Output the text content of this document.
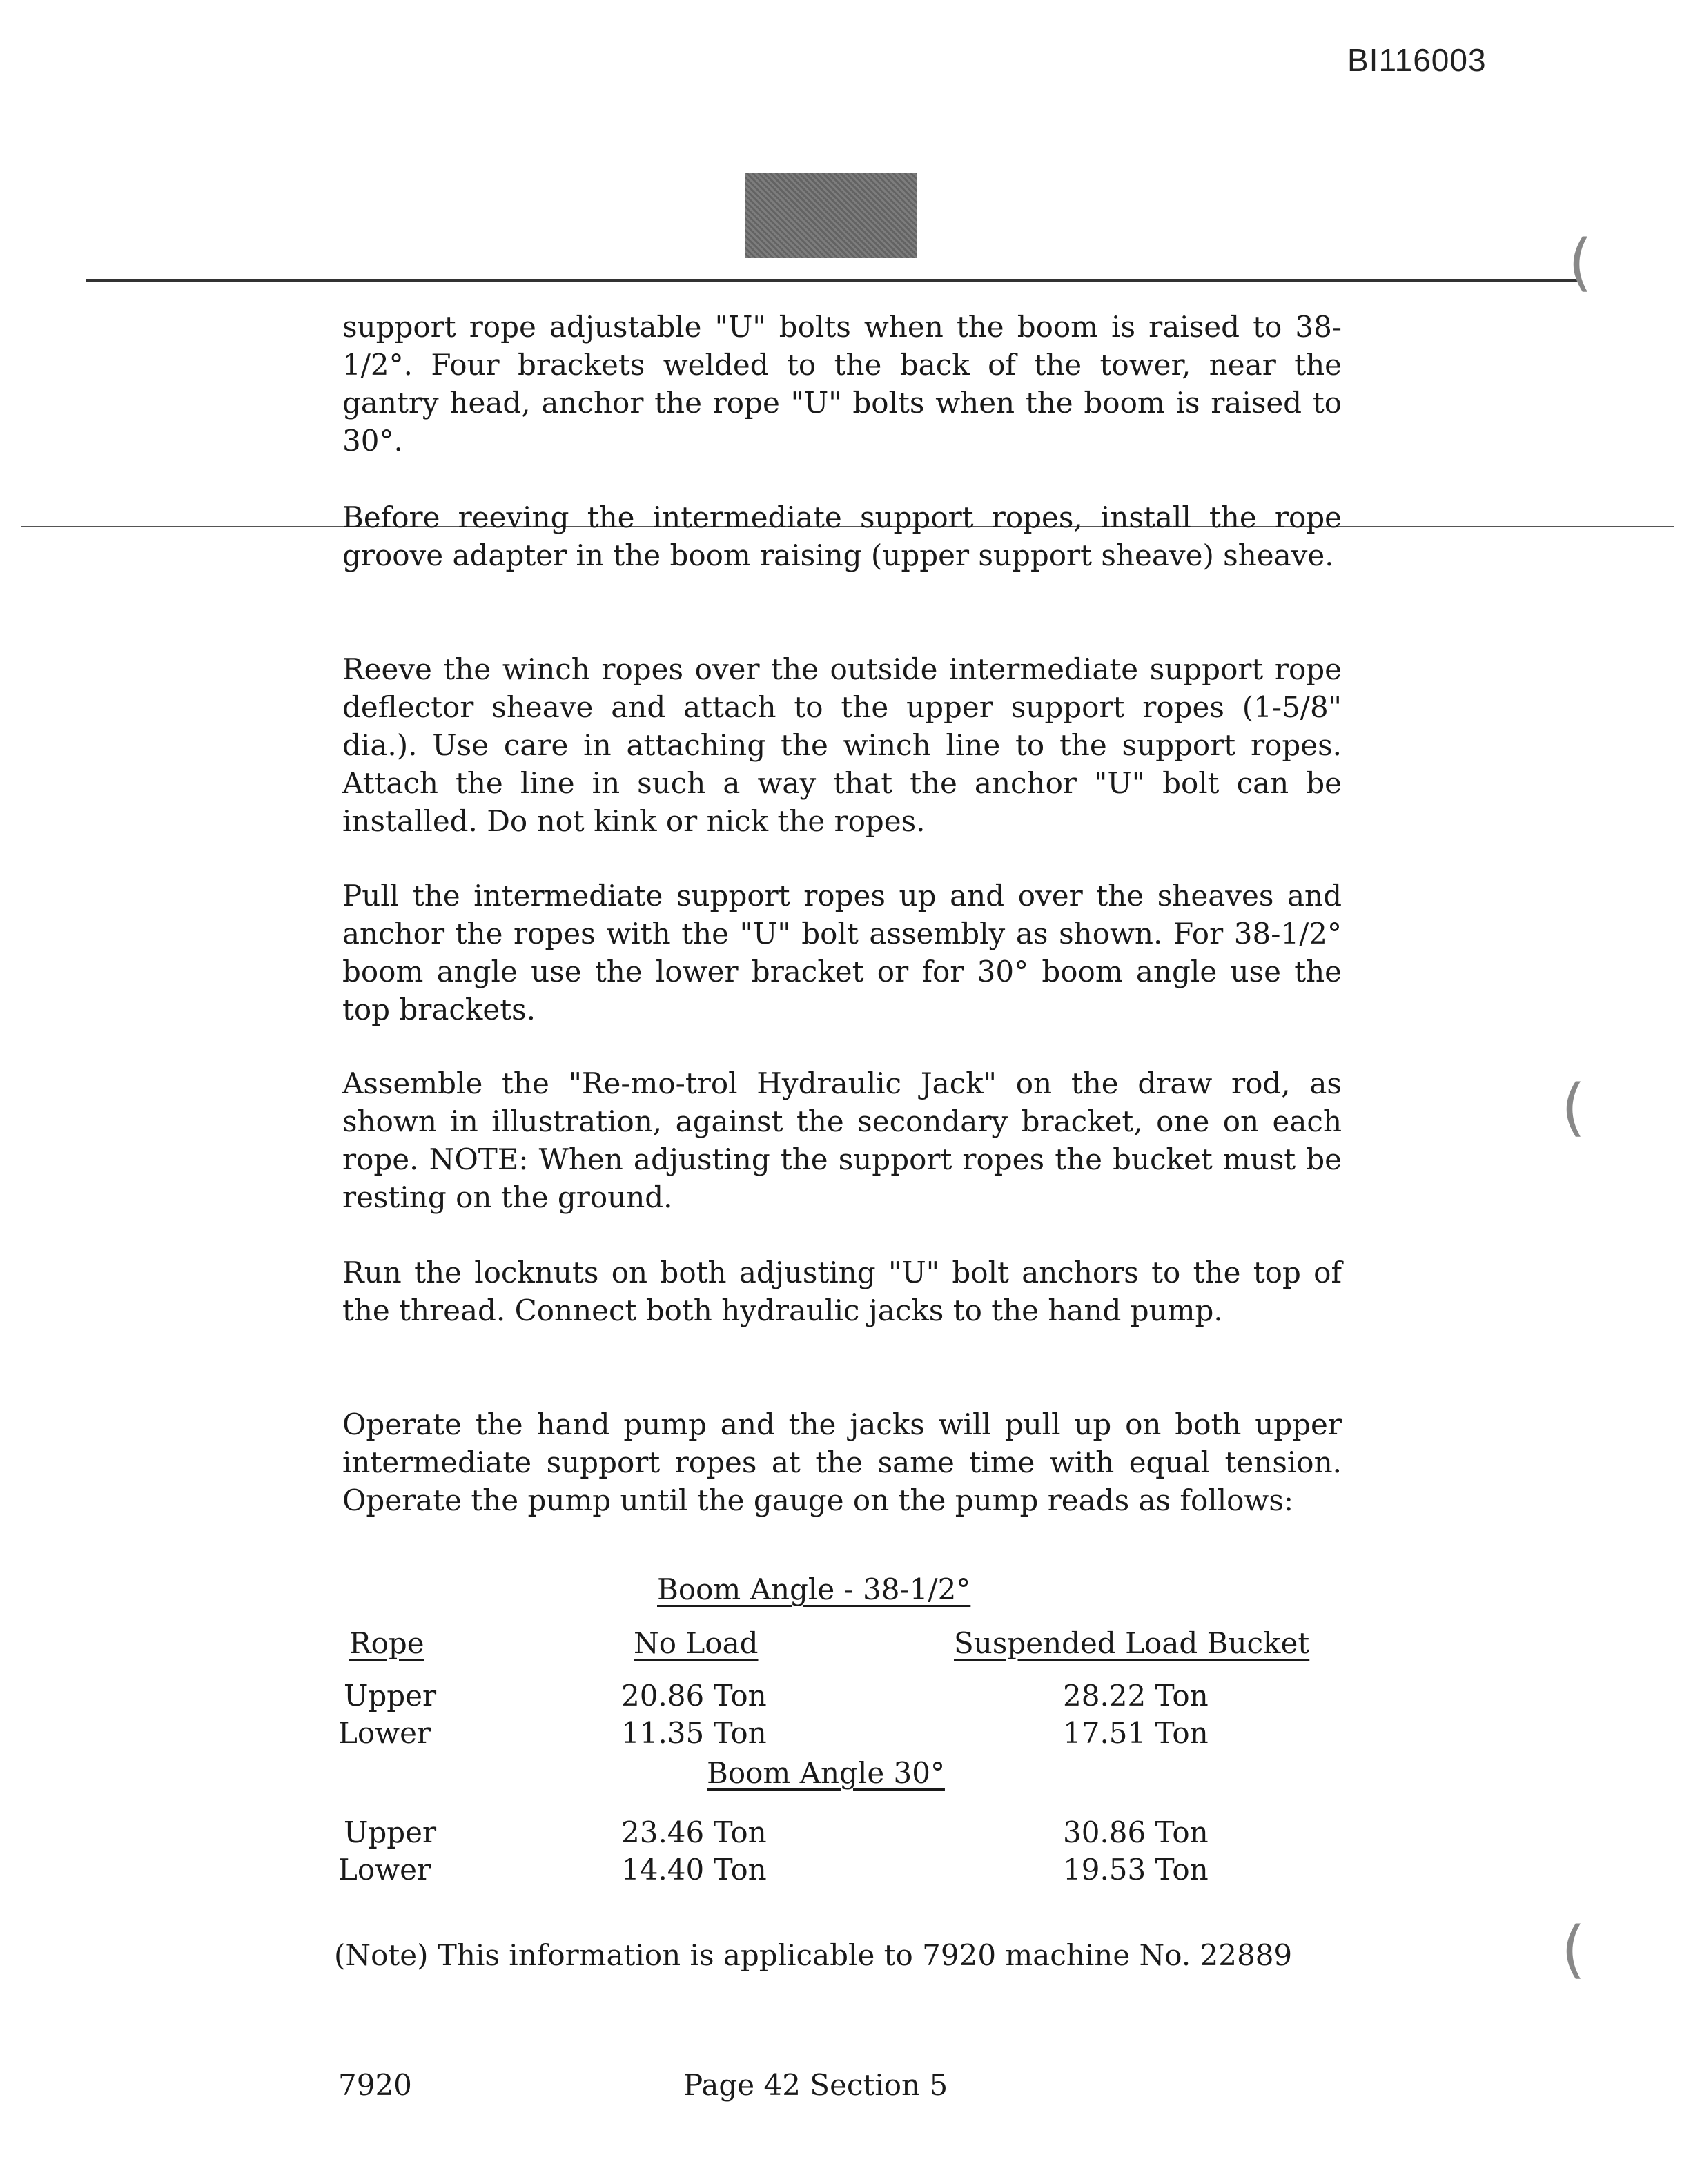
BI116003
(
(
(
support rope adjustable "U" bolts when the boom is raised to 38-1/2°. Four brackets welded to the back of the tower, near the gantry head, anchor the rope "U" bolts when the boom is raised to 30°.
Before reeving the intermediate support ropes, install the rope groove adapter in the boom raising (upper support sheave) sheave.
Reeve the winch ropes over the outside intermediate support rope deflector sheave and attach to the upper support ropes (1-5/8" dia.). Use care in attaching the winch line to the support ropes. Attach the line in such a way that the anchor "U" bolt can be installed. Do not kink or nick the ropes.
Pull the intermediate support ropes up and over the sheaves and anchor the ropes with the "U" bolt assembly as shown. For 38-1/2° boom angle use the lower bracket or for 30° boom angle use the top brackets.
Assemble the "Re-mo-trol Hydraulic Jack" on the draw rod, as shown in illustration, against the secondary bracket, one on each rope. NOTE: When adjusting the support ropes the bucket must be resting on the ground.
Run the locknuts on both adjusting "U" bolt anchors to the top of the thread. Connect both hydraulic jacks to the hand pump.
Operate the hand pump and the jacks will pull up on both upper intermediate support ropes at the same time with equal tension. Operate the pump until the gauge on the pump reads as follows:
Boom Angle - 38-1/2°
Rope	No Load	Suspended Load Bucket
Upper	20.86 Ton	28.22 Ton
Lower	11.35 Ton	17.51 Ton
Boom Angle 30°
Upper	23.46 Ton	30.86 Ton
Lower	14.40 Ton	19.53 Ton
(Note) This information is applicable to 7920 machine No. 22889
7920	Page 42 Section 5
